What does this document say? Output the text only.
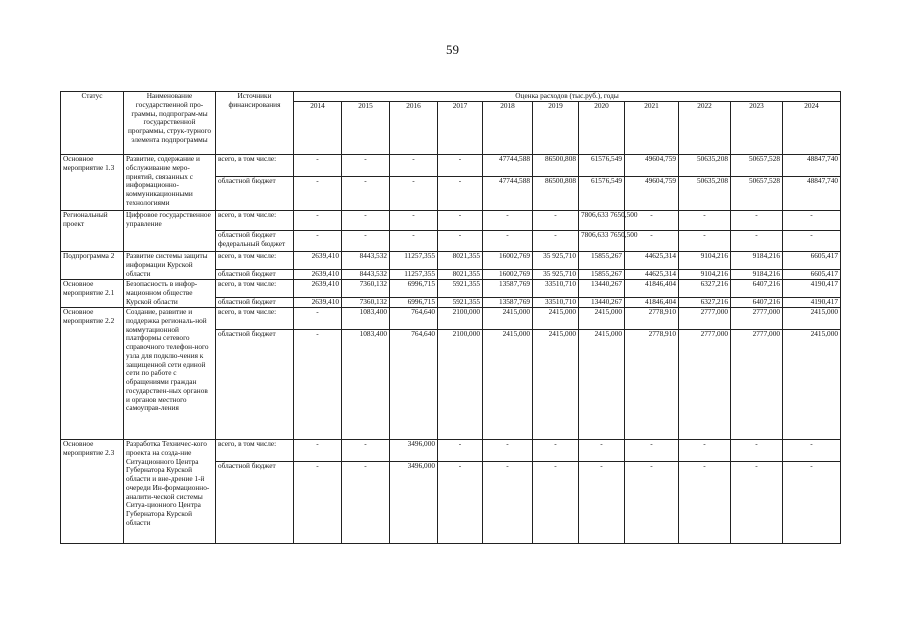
59
Статус	Наименование государственной про-граммы, подпрограм-мы государственной программы, струк-турного элемента подпрограммы	Источники финансирования	Оценка расходов (тыс.руб.), годы										
			2014	2015	2016	2017	2018	2019	2020	2021	2022	2023	2024
Основное мероприятие 1.3	Развитие, содержание и обслуживание меро-приятий, связанных с информационно-коммуникационными технологиями	всего, в том числе:	-	-	-	-	47744,588	86500,808	61576,549	49604,759	50635,208	50657,528	48847,740
		областной бюджет	-	-	-	-	47744,588	86500,808	61576,549	49604,759	50635,208	50657,528	48847,740
Региональный проект	Цифровое государственное управление	всего, в том числе:	-	-	-	-	-	-	7806,633 7650,500	-	-	-	-
		областной бюджет федеральный бюджет	-	-	-	-	-	-	7806,633 7650,500	-	-	-	-
Подпрограмма 2	Развитие системы защиты информации Курской области	всего, в том числе:	2639,410	8443,532	11257,355	8021,355	16002,769	35 925,710	15855,267	44625,314	9104,216	9184,216	6605,417
		областной бюджет	2639,410	8443,532	11257,355	8021,355	16002,769	35 925,710	15855,267	44625,314	9104,216	9184,216	6605,417
Основное мероприятие 2.1	Безопасность в инфор-мационном обществе Курской области	всего, в том числе:	2639,410	7360,132	6996,715	5921,355	13587,769	33510,710	13440,267	41846,404	6327,216	6407,216	4190,417
		областной бюджет	2639,410	7360,132	6996,715	5921,355	13587,769	33510,710	13440,267	41846,404	6327,216	6407,216	4190,417
Основное мероприятие 2.2	Создание, развитие и поддержка региональ-ной коммутационной платформы сетевого справочного телефон-ного узла для подклю-чения к защищенной сети единой сети по работе с обращениями граждан государствен-ных органов и органов местного самоуправ-ления	всего, в том числе:	-	1083,400	764,640	2100,000	2415,000	2415,000	2415,000	2778,910	2777,000	2777,000	2415,000
		областной бюджет	-	1083,400	764,640	2100,000	2415,000	2415,000	2415,000	2778,910	2777,000	2777,000	2415,000
Основное мероприятие 2.3	Разработка Техничес-кого проекта на созда-ние Ситуационного Центра Губернатора Курской области и вне-дрение 1-й очереди Ин-формационно-аналити-ческой системы Ситуа-ционного Центра Губернатора Курской области	всего, в том числе:	-	-	3496,000	-	-	-	-	-	-	-	-
		областной бюджет	-	-	3496,000	-	-	-	-	-	-	-	-
